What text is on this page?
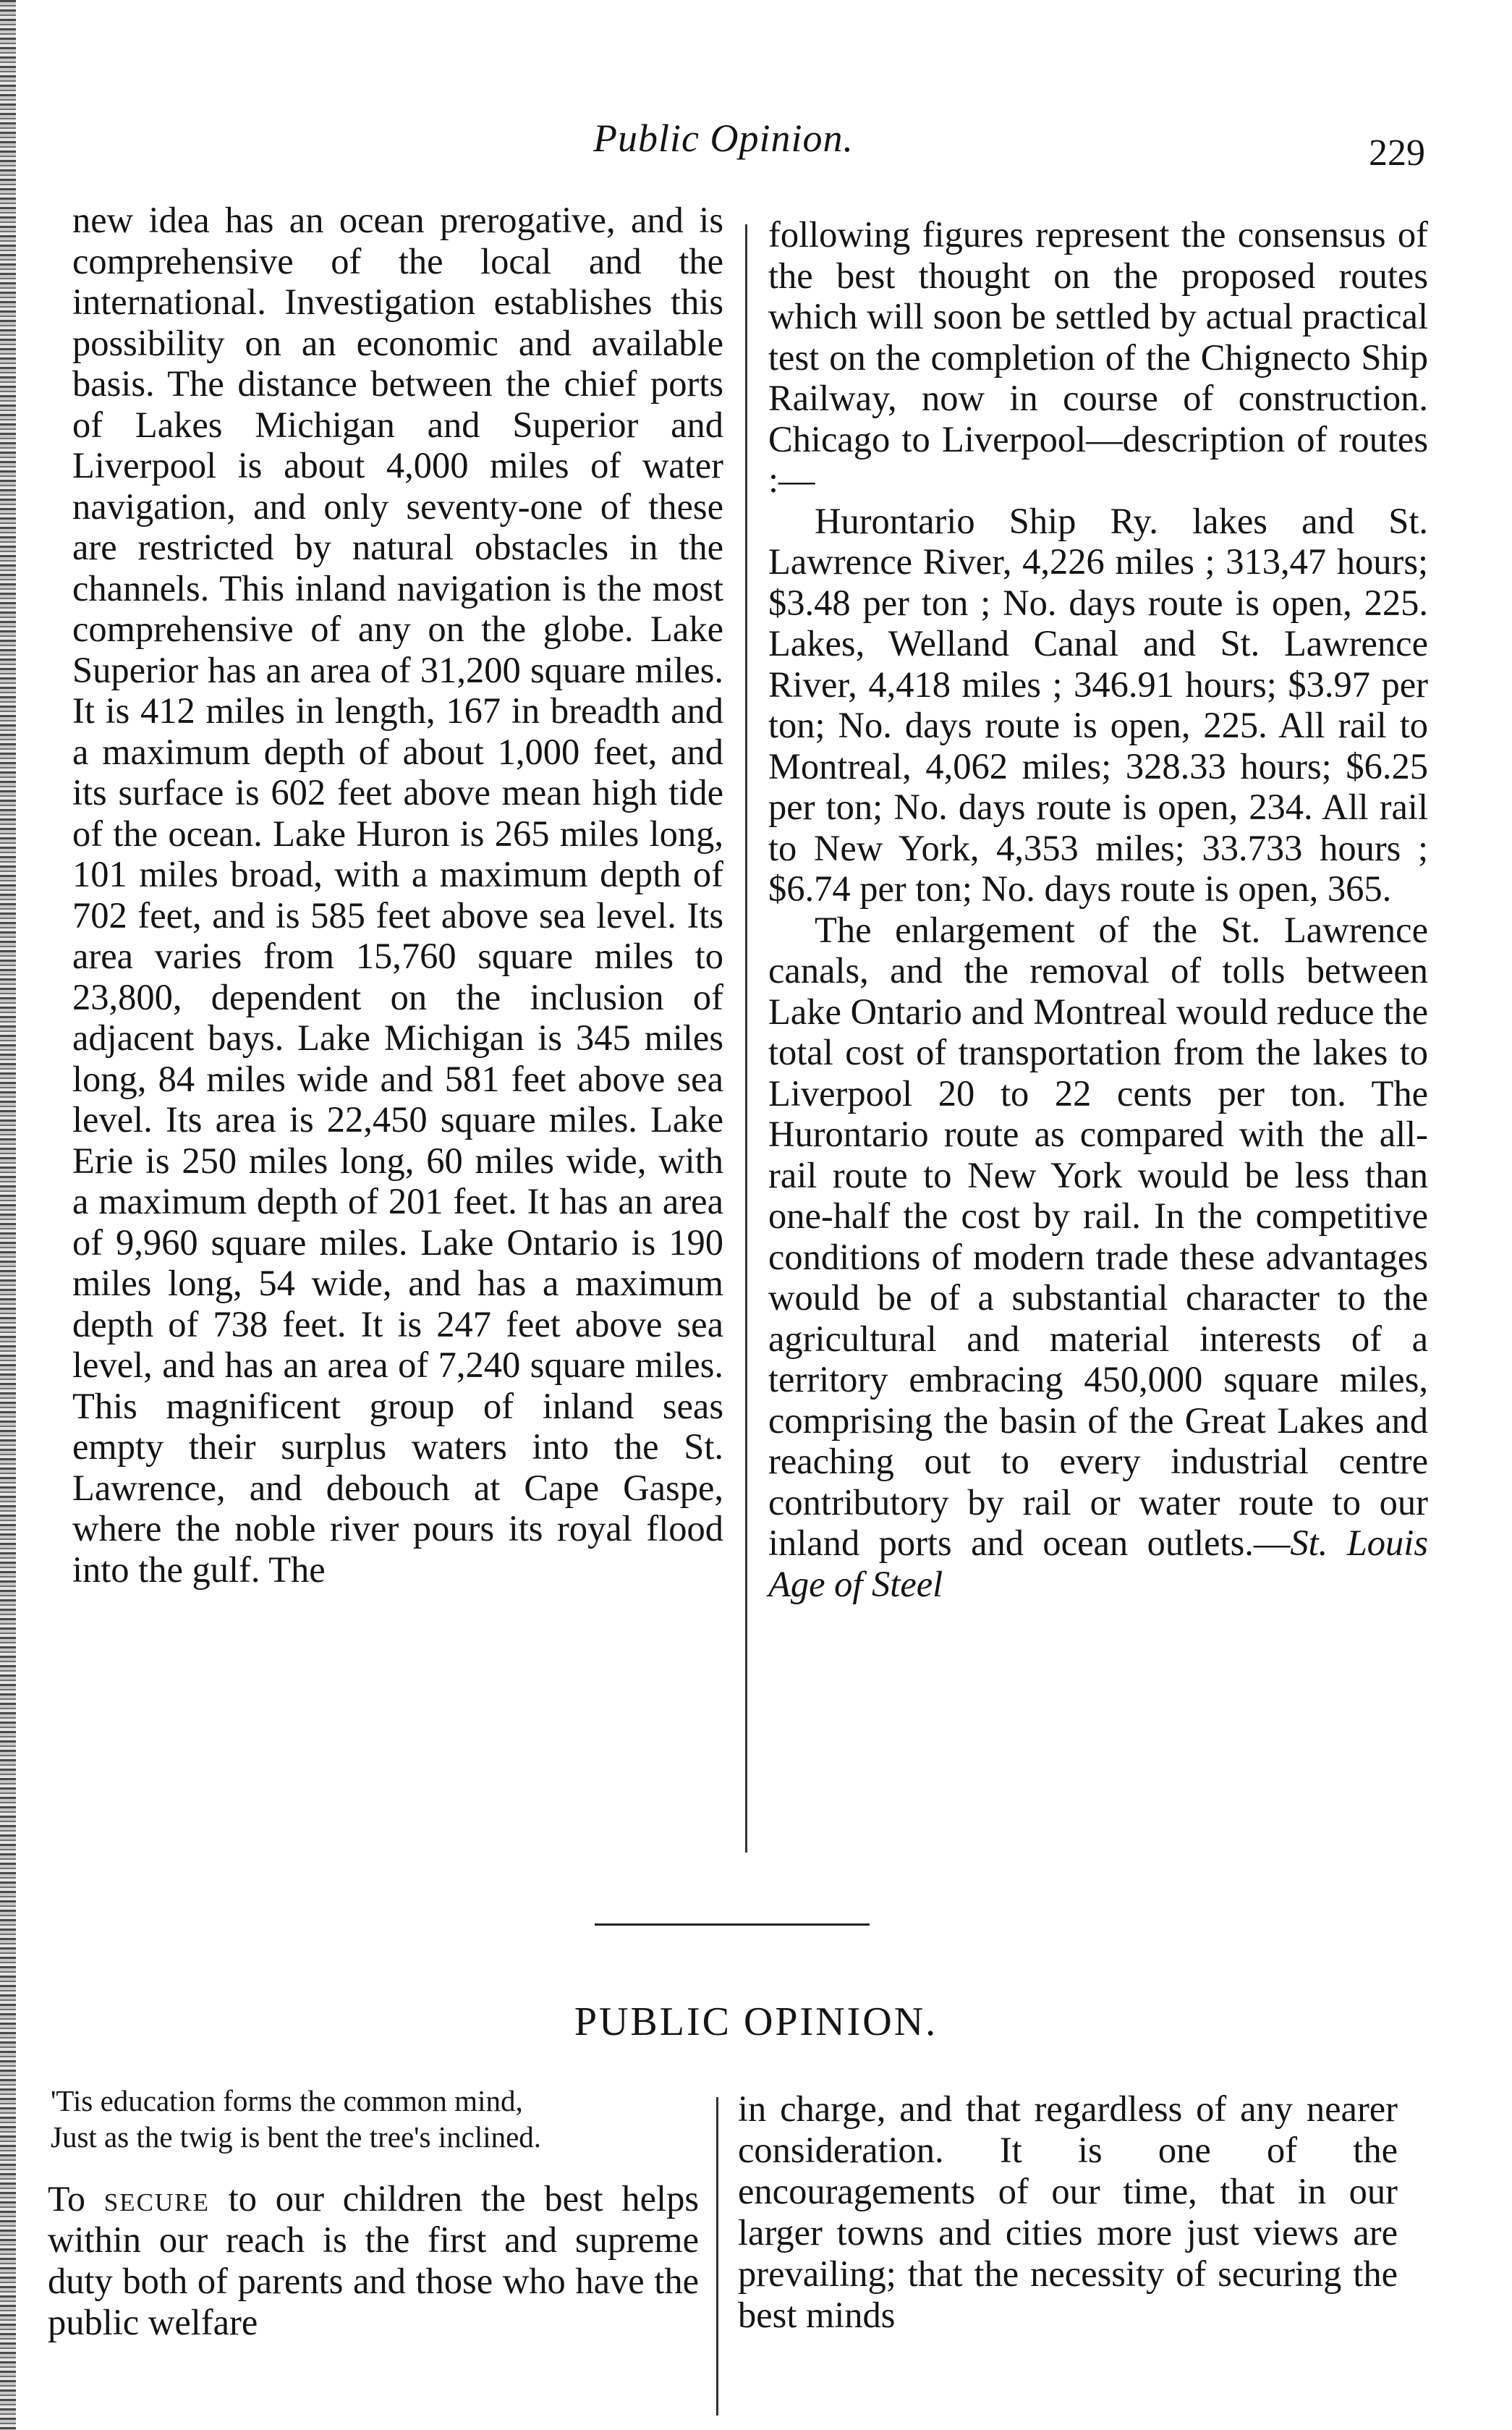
Public Opinion.	229

new idea has an ocean prerogative, and is comprehensive of the local and the international. Investigation establishes this possibility on an economic and available basis. The distance between the chief ports of Lakes Michigan and Superior and Liverpool is about 4,000 miles of water navigation, and only seventy-one of these are restricted by natural obstacles in the channels. This inland navigation is the most comprehensive of any on the globe. Lake Superior has an area of 31,200 square miles. It is 412 miles in length, 167 in breadth and a maximum depth of about 1,000 feet, and its surface is 602 feet above mean high tide of the ocean. Lake Huron is 265 miles long, 101 miles broad, with a maximum depth of 702 feet, and is 585 feet above sea level. Its area varies from 15,760 square miles to 23,800, dependent on the inclusion of adjacent bays. Lake Michigan is 345 miles long, 84 miles wide and 581 feet above sea level. Its area is 22,450 square miles. Lake Erie is 250 miles long, 60 miles wide, with a maximum depth of 201 feet. It has an area of 9,960 square miles. Lake Ontario is 190 miles long, 54 wide, and has a maximum depth of 738 feet. It is 247 feet above sea level, and has an area of 7,240 square miles. This magnificent group of inland seas empty their surplus waters into the St. Lawrence, and debouch at Cape Gaspe, where the noble river pours its royal flood into the gulf. The

following figures represent the consensus of the best thought on the proposed routes which will soon be settled by actual practical test on the completion of the Chignecto Ship Railway, now in course of construction. Chicago to Liverpool—description of routes :—

Hurontario Ship Ry. lakes and St. Lawrence River, 4,226 miles ; 313,47 hours; $3.48 per ton ; No. days route is open, 225. Lakes, Welland Canal and St. Lawrence River, 4,418 miles ; 346.91 hours; $3.97 per ton; No. days route is open, 225. All rail to Montreal, 4,062 miles; 328.33 hours; $6.25 per ton; No. days route is open, 234. All rail to New York, 4,353 miles; 33.733 hours ; $6.74 per ton; No. days route is open, 365.

The enlargement of the St. Lawrence canals, and the removal of tolls between Lake Ontario and Montreal would reduce the total cost of transportation from the lakes to Liverpool 20 to 22 cents per ton. The Hurontario route as compared with the all-rail route to New York would be less than one-half the cost by rail. In the competitive conditions of modern trade these advantages would be of a substantial character to the agricultural and material interests of a territory embracing 450,000 square miles, comprising the basin of the Great Lakes and reaching out to every industrial centre contributory by rail or water route to our inland ports and ocean outlets.—St. Louis Age of Steel

PUBLIC OPINION.
'Tis education forms the common mind,
Just as the twig is bent the tree's inclined.

To secure to our children the best helps within our reach is the first and supreme duty both of parents and those who have the public welfare

in charge, and that regardless of any nearer consideration. It is one of the encouragements of our time, that in our larger towns and cities more just views are prevailing; that the necessity of securing the best minds
